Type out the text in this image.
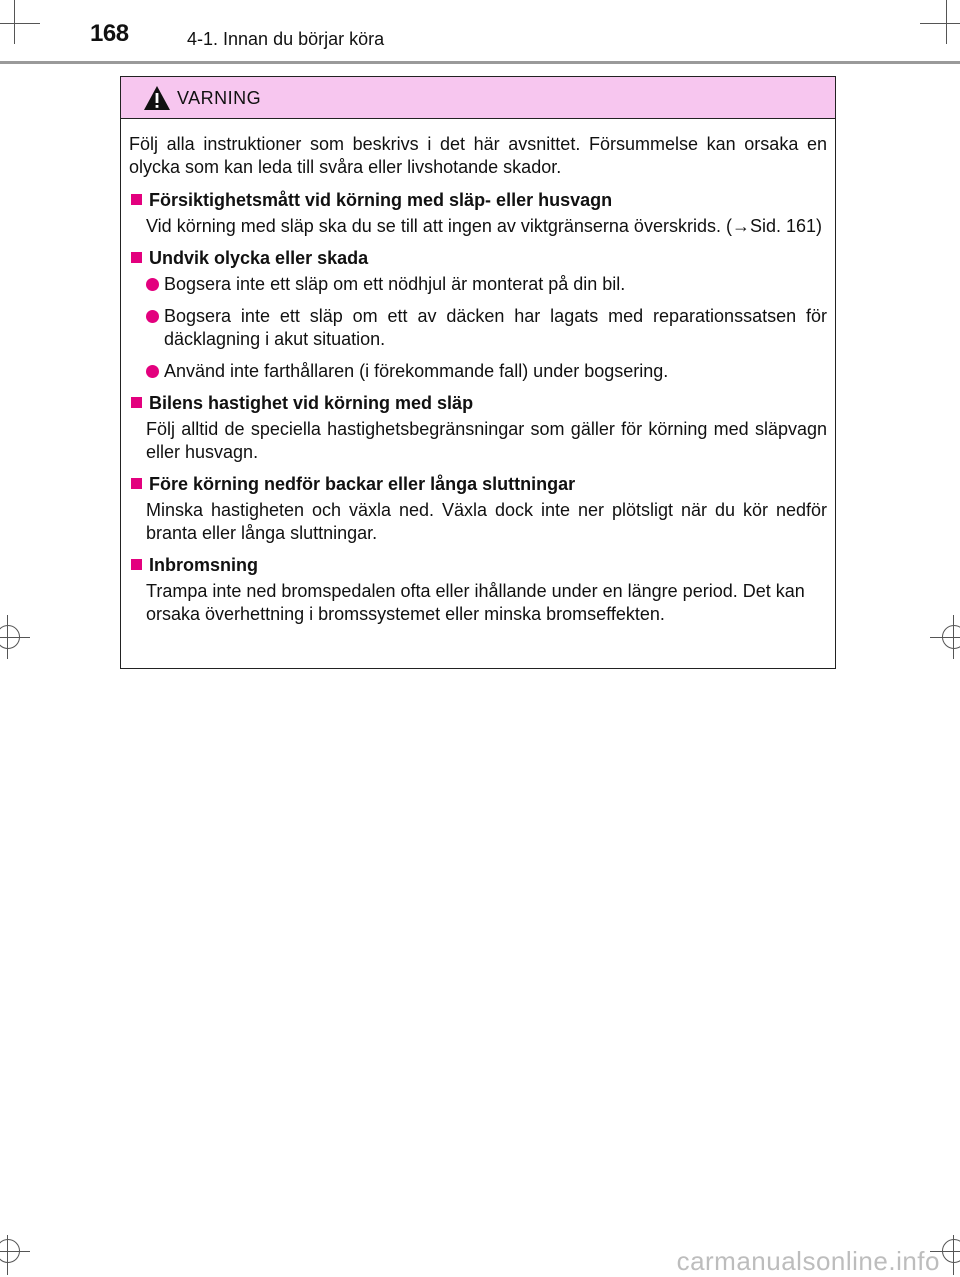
168	4-1. Innan du börjar köra
VARNING

Följ alla instruktioner som beskrivs i det här avsnittet. Försummelse kan orsaka en olycka som kan leda till svåra eller livshotande skador.

Försiktighetsmått vid körning med släp- eller husvagn
Vid körning med släp ska du se till att ingen av viktgränserna överskrids. (→Sid. 161)
Undvik olycka eller skada
Bogsera inte ett släp om ett nödhjul är monterat på din bil.
Bogsera inte ett släp om ett av däcken har lagats med reparationssatsen för däcklagning i akut situation.
Använd inte farthållaren (i förekommande fall) under bogsering.
Bilens hastighet vid körning med släp
Följ alltid de speciella hastighetsbegränsningar som gäller för körning med släpvagn eller husvagn.
Före körning nedför backar eller långa sluttningar
Minska hastigheten och växla ned. Växla dock inte ner plötsligt när du kör nedför branta eller långa sluttningar.
Inbromsning
Trampa inte ned bromspedalen ofta eller ihållande under en längre period. Det kan orsaka överhettning i bromssystemet eller minska bromseffekten.
carmanualsonline.info
